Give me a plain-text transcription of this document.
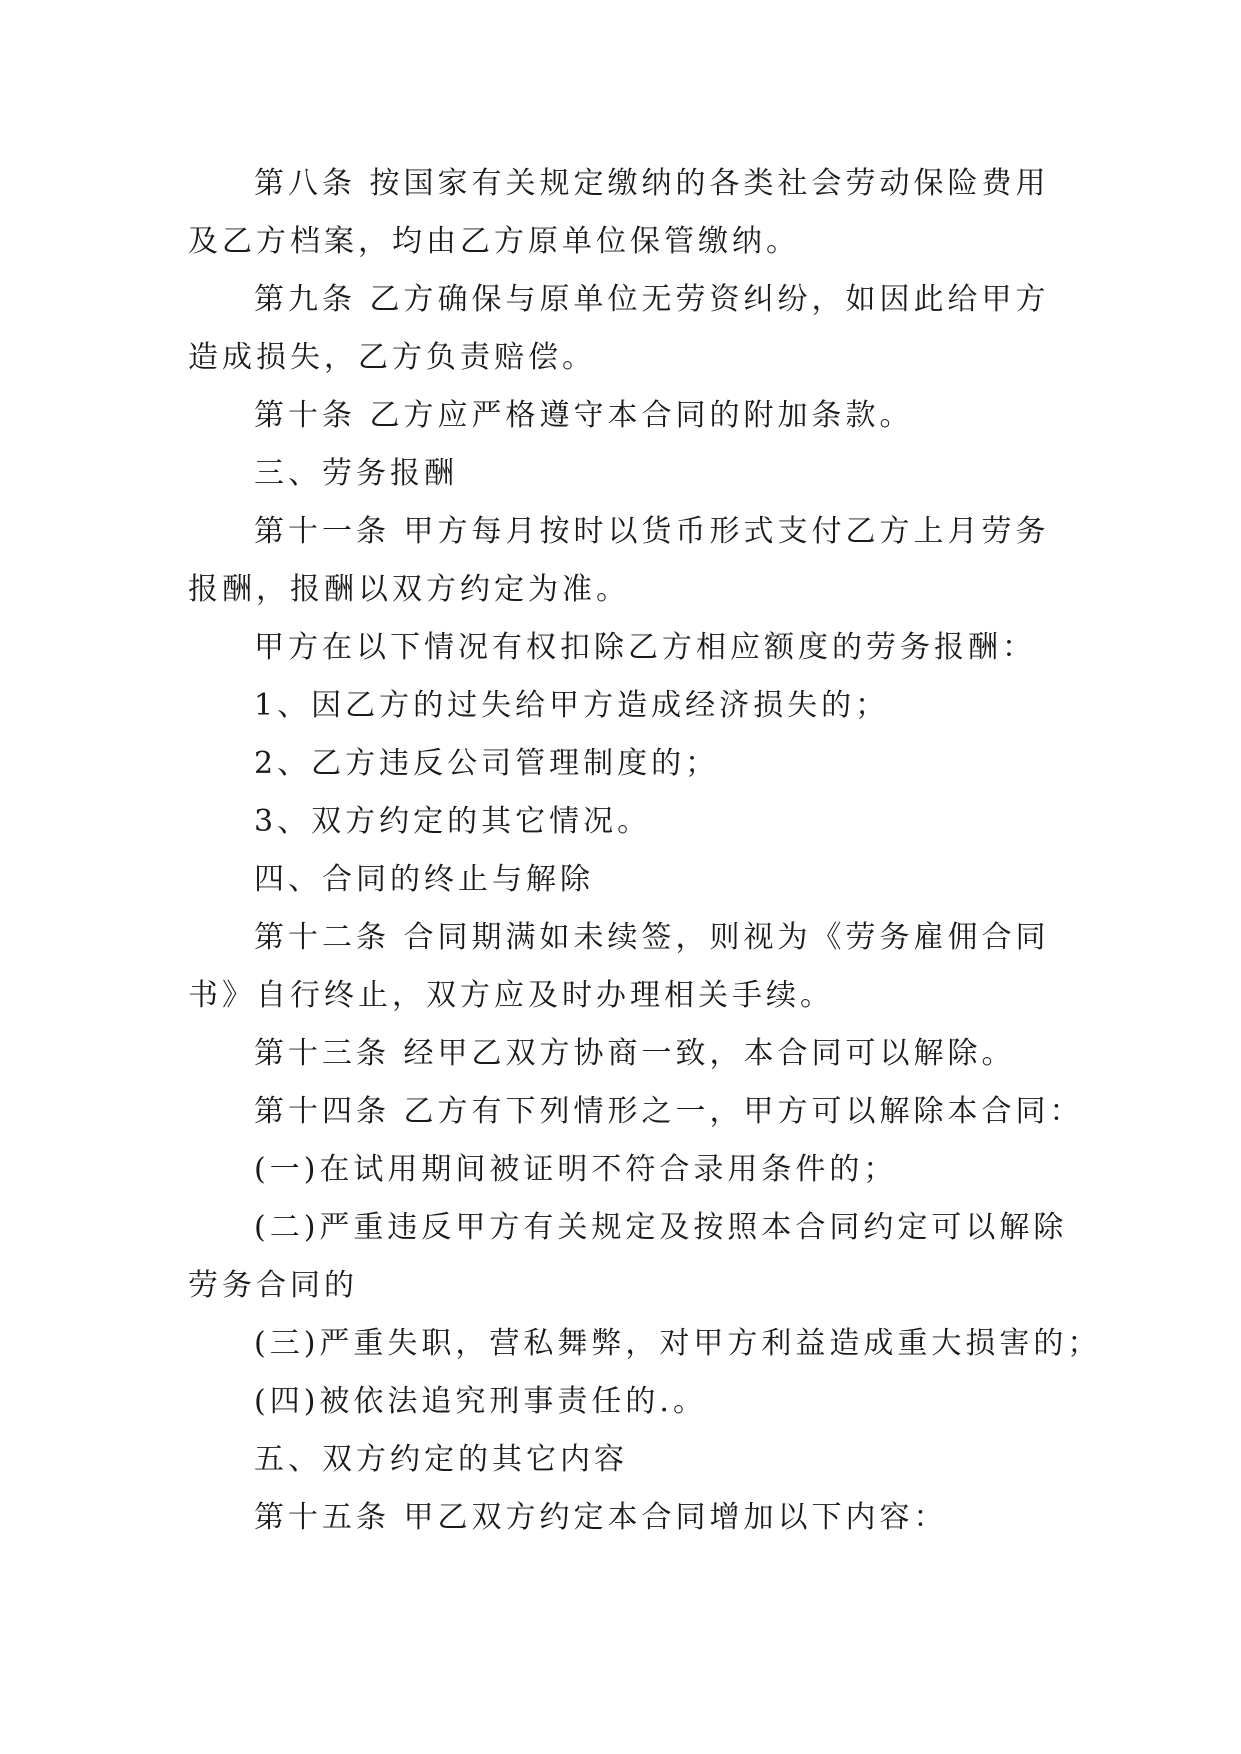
第八条 按国家有关规定缴纳的各类社会劳动保险费用
及乙方档案，均由乙方原单位保管缴纳。

第九条 乙方确保与原单位无劳资纠纷，如因此给甲方
造成损失，乙方负责赔偿。

第十条 乙方应严格遵守本合同的附加条款。

三、劳务报酬

第十一条 甲方每月按时以货币形式支付乙方上月劳务
报酬，报酬以双方约定为准。

甲方在以下情况有权扣除乙方相应额度的劳务报酬：

1、因乙方的过失给甲方造成经济损失的；

2、乙方违反公司管理制度的；

3、双方约定的其它情况。

四、合同的终止与解除

第十二条 合同期满如未续签，则视为《劳务雇佣合同
书》自行终止，双方应及时办理相关手续。

第十三条 经甲乙双方协商一致，本合同可以解除。

第十四条 乙方有下列情形之一，甲方可以解除本合同：

(一)在试用期间被证明不符合录用条件的；

(二)严重违反甲方有关规定及按照本合同约定可以解除
劳务合同的

(三)严重失职，营私舞弊，对甲方利益造成重大损害的；

(四)被依法追究刑事责任的.。

五、双方约定的其它内容

第十五条 甲乙双方约定本合同增加以下内容：
